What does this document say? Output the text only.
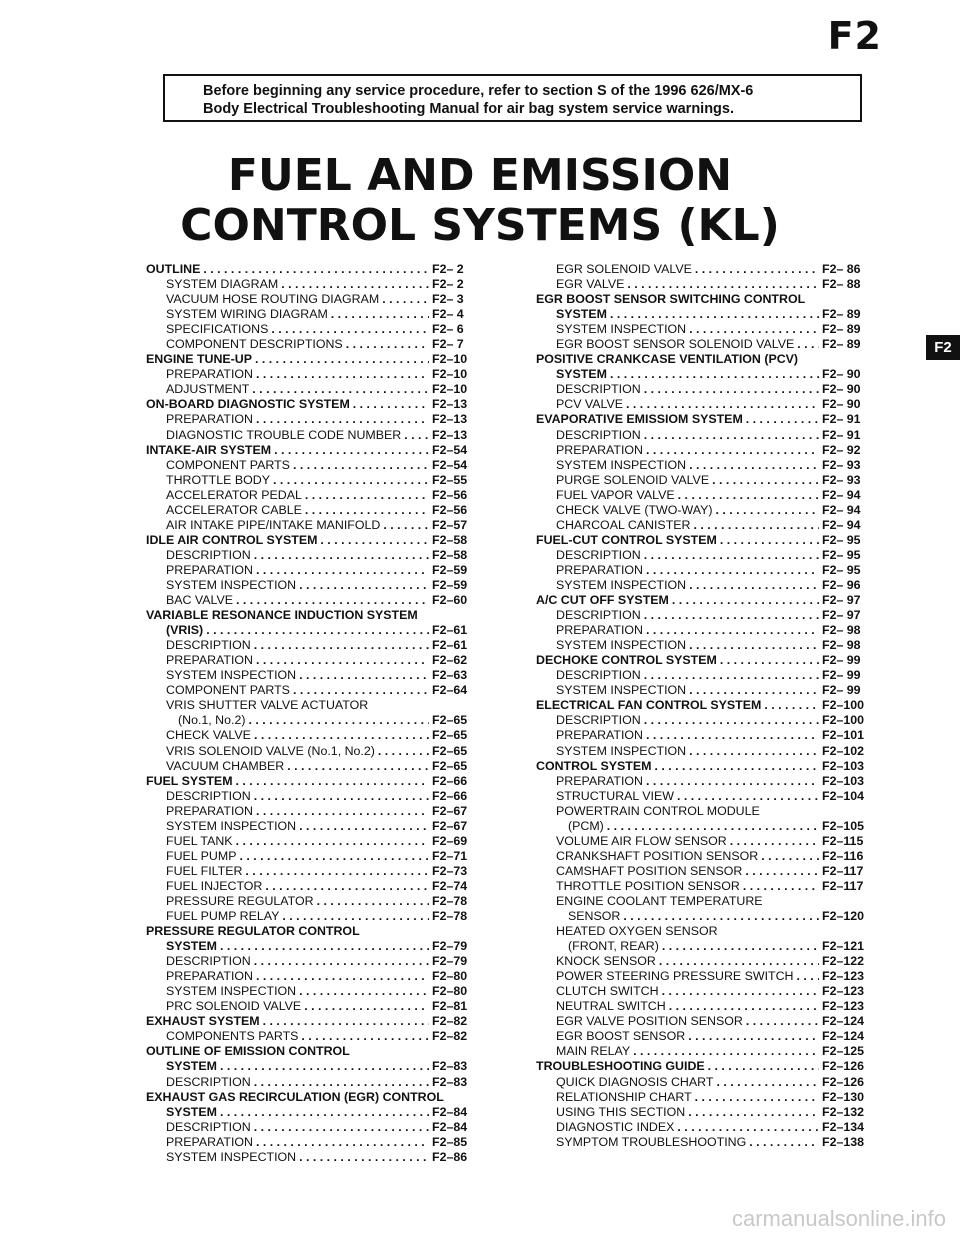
F2
Before beginning any service procedure, refer to section S of the 1996 626/MX-6
Body Electrical Troubleshooting Manual for air bag system service warnings.
FUEL AND EMISSION
CONTROL SYSTEMS (KL)
OUTLINE . . .	F2– 2
SYSTEM DIAGRAM . . .	F2– 2
VACUUM HOSE ROUTING DIAGRAM . . .	F2– 3
SYSTEM WIRING DIAGRAM . . .	F2– 4
SPECIFICATIONS . . .	F2– 6
COMPONENT DESCRIPTIONS . . .	F2– 7
ENGINE TUNE-UP . . .	F2–10
PREPARATION . . .	F2–10
ADJUSTMENT . . .	F2–10
ON-BOARD DIAGNOSTIC SYSTEM . . .	F2–13
PREPARATION . . .	F2–13
DIAGNOSTIC TROUBLE CODE NUMBER . . . F2–13
INTAKE-AIR SYSTEM . . .	F2–54
COMPONENT PARTS . . .	F2–54
THROTTLE BODY . . .	F2–55
ACCELERATOR PEDAL . . .	F2–56
ACCELERATOR CABLE . . .	F2–56
AIR INTAKE PIPE/INTAKE MANIFOLD . . .	F2–57
IDLE AIR CONTROL SYSTEM . . .	F2–58
DESCRIPTION . . .	F2–58
PREPARATION . . .	F2–59
SYSTEM INSPECTION . . .	F2–59
BAC VALVE . . .	F2–60
VARIABLE RESONANCE INDUCTION SYSTEM
(VRIS) . . .	F2–61
DESCRIPTION . . .	F2–61
PREPARATION . . .	F2–62
SYSTEM INSPECTION . . .	F2–63
COMPONENT PARTS . . .	F2–64
VRIS SHUTTER VALVE ACTUATOR
(No.1, No.2) . . .	F2–65
CHECK VALVE . . .	F2–65
VRIS SOLENOID VALVE (No.1, No.2) . . .	F2–65
VACUUM CHAMBER . . .	F2–65
FUEL SYSTEM . . .	F2–66
DESCRIPTION . . .	F2–66
PREPARATION . . .	F2–67
SYSTEM INSPECTION . . .	F2–67
FUEL TANK . . .	F2–69
FUEL PUMP . . .	F2–71
FUEL FILTER . . .	F2–73
FUEL INJECTOR . . .	F2–74
PRESSURE REGULATOR . . .	F2–78
FUEL PUMP RELAY . . .	F2–78
PRESSURE REGULATOR CONTROL
SYSTEM . . .	F2–79
DESCRIPTION . . .	F2–79
PREPARATION . . .	F2–80
SYSTEM INSPECTION . . .	F2–80
PRC SOLENOID VALVE . . .	F2–81
EXHAUST SYSTEM . . .	F2–82
COMPONENTS PARTS . . .	F2–82
OUTLINE OF EMISSION CONTROL
SYSTEM . . .	F2–83
DESCRIPTION . . .	F2–83
EXHAUST GAS RECIRCULATION (EGR) CONTROL
SYSTEM . . .	F2–84
DESCRIPTION . . .	F2–84
PREPARATION . . .	F2–85
SYSTEM INSPECTION . . .	F2–86
EGR SOLENOID VALVE . . .	F2– 86
EGR VALVE . . .	F2– 88
EGR BOOST SENSOR SWITCHING CONTROL
SYSTEM . . .	F2– 89
SYSTEM INSPECTION . . .	F2– 89
EGR BOOST SENSOR SOLENOID VALVE . . . F2– 89
POSITIVE CRANKCASE VENTILATION (PCV)
SYSTEM . . .	F2– 90
DESCRIPTION . . .	F2– 90
PCV VALVE . . .	F2– 90
EVAPORATIVE EMISSIOM SYSTEM . . .	F2– 91
DESCRIPTION . . .	F2– 91
PREPARATION . . .	F2– 92
SYSTEM INSPECTION . . .	F2– 93
PURGE SOLENOID VALVE . . .	F2– 93
FUEL VAPOR VALVE . . .	F2– 94
CHECK VALVE (TWO-WAY) . . .	F2– 94
CHARCOAL CANISTER . . .	F2– 94
FUEL-CUT CONTROL SYSTEM . . .	F2– 95
DESCRIPTION . . .	F2– 95
PREPARATION . . .	F2– 95
SYSTEM INSPECTION . . .	F2– 96
A/C CUT OFF SYSTEM . . .	F2– 97
DESCRIPTION . . .	F2– 97
PREPARATION . . .	F2– 98
SYSTEM INSPECTION . . .	F2– 98
DECHOKE CONTROL SYSTEM . . .	F2– 99
DESCRIPTION . . .	F2– 99
SYSTEM INSPECTION . . .	F2– 99
ELECTRICAL FAN CONTROL SYSTEM . . .	F2–100
DESCRIPTION . . .	F2–100
PREPARATION . . .	F2–101
SYSTEM INSPECTION . . .	F2–102
CONTROL SYSTEM . . .	F2–103
PREPARATION . . .	F2–103
STRUCTURAL VIEW . . .	F2–104
POWERTRAIN CONTROL MODULE
(PCM) . . .	F2–105
VOLUME AIR FLOW SENSOR . . .	F2–115
CRANKSHAFT POSITION SENSOR . . .	F2–116
CAMSHAFT POSITION SENSOR . . .	F2–117
THROTTLE POSITION SENSOR . . .	F2–117
ENGINE COOLANT TEMPERATURE
SENSOR . . .	F2–120
HEATED OXYGEN SENSOR
(FRONT, REAR) . . .	F2–121
KNOCK SENSOR . . .	F2–122
POWER STEERING PRESSURE SWITCH . . . F2–123
CLUTCH SWITCH . . .	F2–123
NEUTRAL SWITCH . . .	F2–123
EGR VALVE POSITION SENSOR . . .	F2–124
EGR BOOST SENSOR . . .	F2–124
MAIN RELAY . . .	F2–125
TROUBLESHOOTING GUIDE . . .	F2–126
QUICK DIAGNOSIS CHART . . .	F2–126
RELATIONSHIP CHART . . .	F2–130
USING THIS SECTION . . .	F2–132
DIAGNOSTIC INDEX . . .	F2–134
SYMPTOM TROUBLESHOOTING . . .	F2–138
F2
carmanualsonline.info
